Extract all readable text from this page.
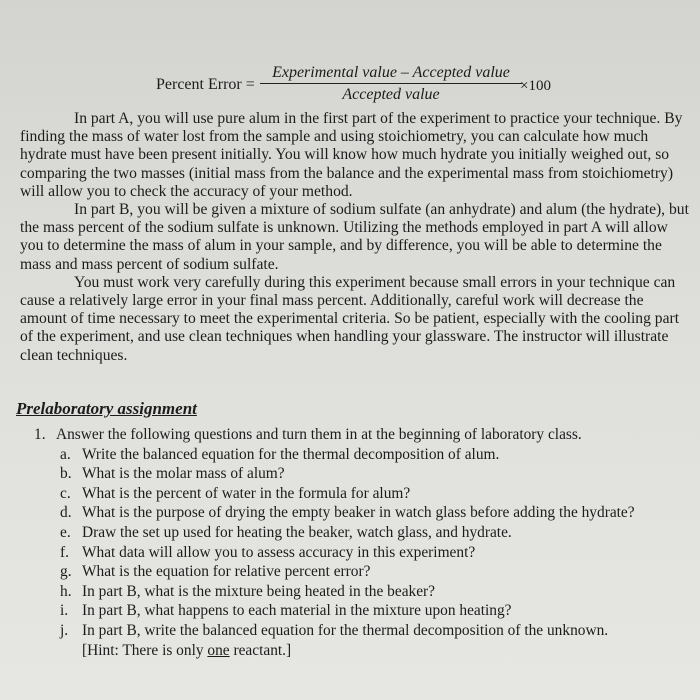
Percent Error =
Experimental value – Accepted value
Accepted value	×100

In part A, you will use pure alum in the first part of the experiment to practice your technique. By finding the mass of water lost from the sample and using stoichiometry, you can calculate how much hydrate must have been present initially. You will know how much hydrate you initially weighed out, so comparing the two masses (initial mass from the balance and the experimental mass from stoichiometry) will allow you to check the accuracy of your method.

In part B, you will be given a mixture of sodium sulfate (an anhydrate) and alum (the hydrate), but the mass percent of the sodium sulfate is unknown. Utilizing the methods employed in part A will allow you to determine the mass of alum in your sample, and by difference, you will be able to determine the mass and mass percent of sodium sulfate.

You must work very carefully during this experiment because small errors in your technique can cause a relatively large error in your final mass percent. Additionally, careful work will decrease the amount of time necessary to meet the experimental criteria. So be patient, especially with the cooling part of the experiment, and use clean techniques when handling your glassware. The instructor will illustrate clean techniques.

Prelaboratory assignment
1. Answer the following questions and turn them in at the beginning of laboratory class.
a. Write the balanced equation for the thermal decomposition of alum.
b. What is the molar mass of alum?
c. What is the percent of water in the formula for alum?
d. What is the purpose of drying the empty beaker in watch glass before adding the hydrate?
e. Draw the set up used for heating the beaker, watch glass, and hydrate.
f. What data will allow you to assess accuracy in this experiment?
g. What is the equation for relative percent error?
h. In part B, what is the mixture being heated in the beaker?
i. In part B, what happens to each material in the mixture upon heating?
j. In part B, write the balanced equation for the thermal decomposition of the unknown.
[Hint: There is only one reactant.]
